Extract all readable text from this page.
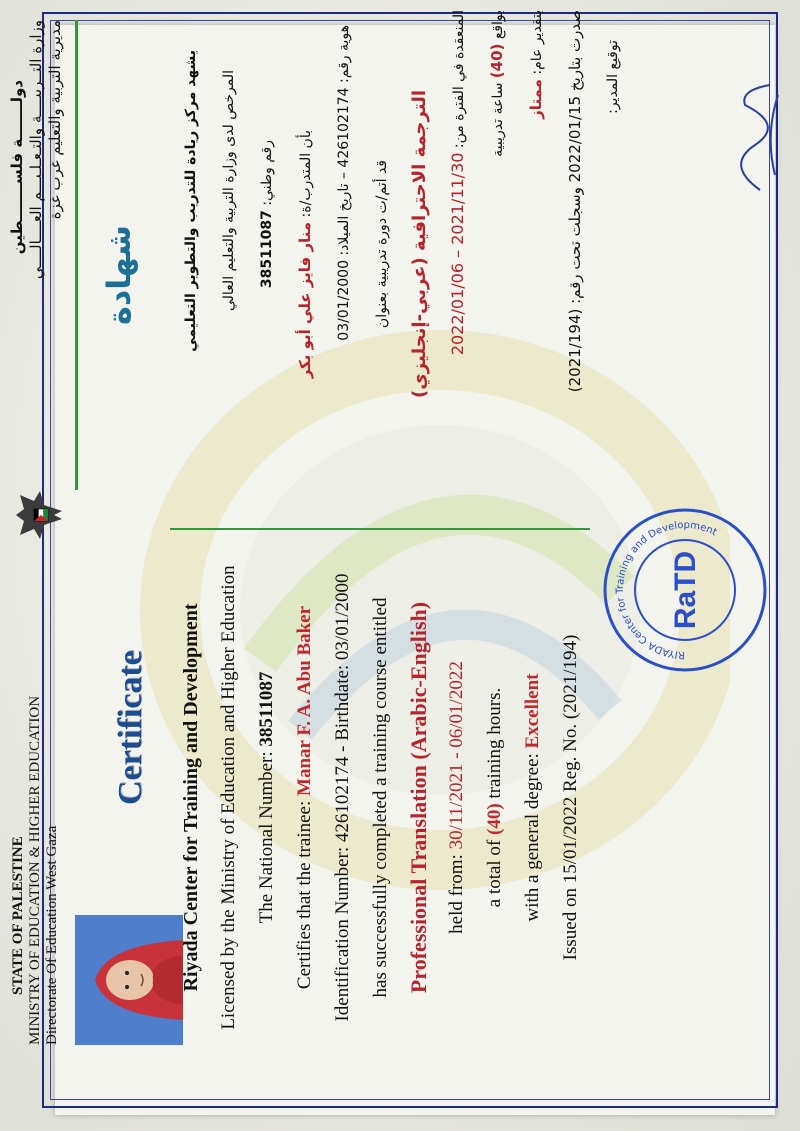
STATE OF PALESTINE MINISTRY OF EDUCATION & HIGHER EDUCATION Directorate Of Education West Gaza
دولـــــــة فلســـــــطين وزارة التــربيــــة والتـعـلـيـــم العــــالــــي مديرية التربية والتعليم غرب غزة
Certificate
شهادة
Riyada Center for Training and Development Licensed by the Ministry of Education and Higher Education The National Number: 38511087
Certifies that the trainee: Manar F. A. Abu Baker Identification Number: 426102174 - Birthdate: 03/01/2000 has successfully completed a training course entitled Professional Translation (Arabic-English) held from: 30/11/2021 - 06/01/2022
a total of (40) training hours.
with a general degree: Excellent Issued on 15/01/2022 Reg. No. (2021/194)
يشهد مركز ريادة للتدريب والتطوير التعليمي	المرخص لدى وزارة التربية والتعليم العالي	رقم وطني: 38511087
بأن المتدرب/ة: منار فايز علي أبو بكر	هوية رقم: 426102174 – تاريخ الميلاد: 03/01/2000
قد أتم/ت دورة تدريبية بعنوان	الترجمة الاحترافية (عربي-إنجليزي)
المنعقدة في الفترة من: 2021/11/30 – 2022/01/06
بواقع (40) ساعة تدريبية
بتقدير عام: ممتاز
صدرت بتاريخ 2022/01/15 وسجلت تحت رقم: (2021/194)	توقيع المدير:
RIYADA Center for Training and Development
RaTD
